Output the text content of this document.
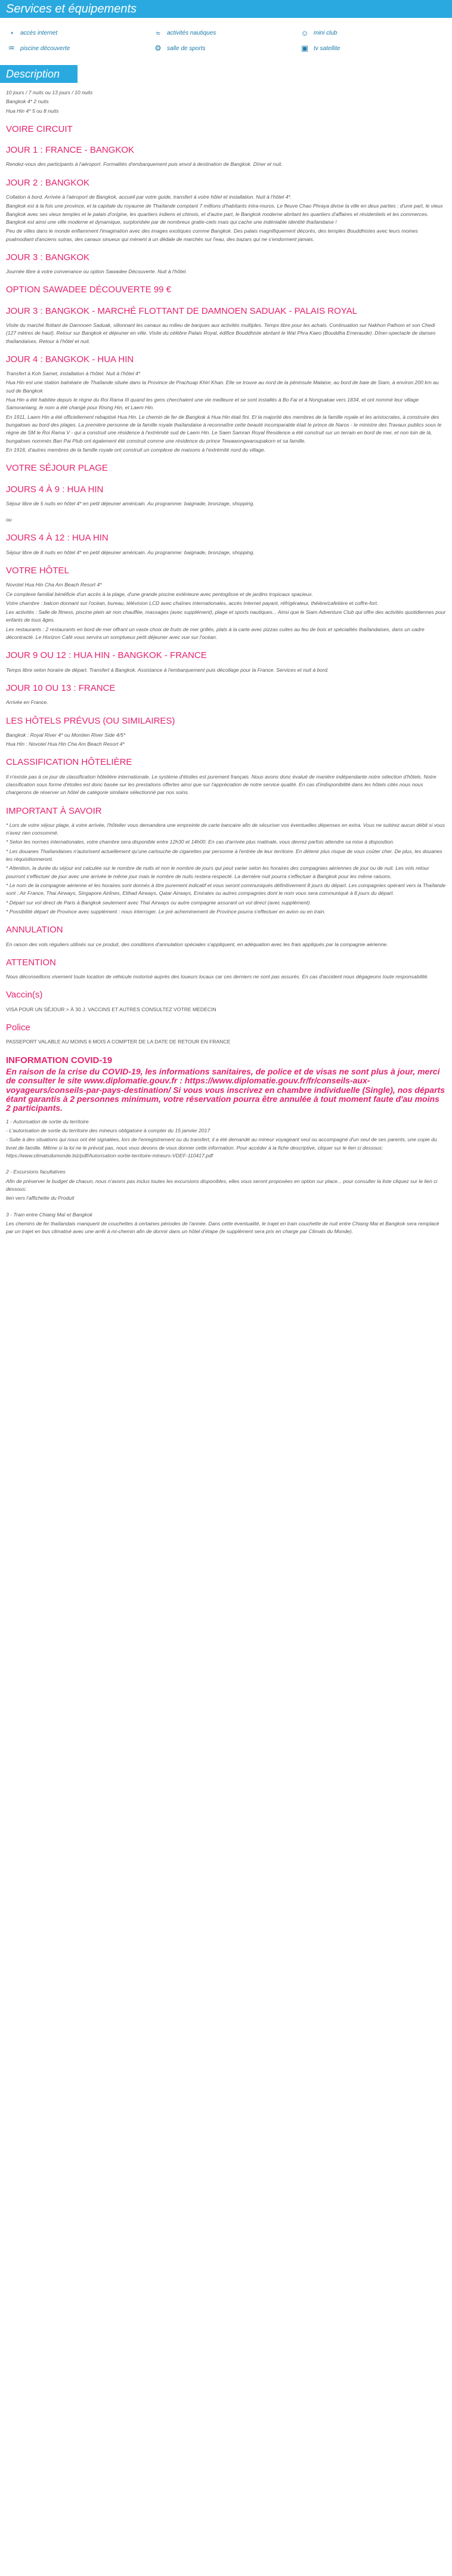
Services et équipements
◔	accès internet	≈	activités nautiques	☺ mini club
♒ piscine découverte	⚙ salle de sports	▣ tv satellite
Description

10 jours / 7 nuits ou 13 jours / 10 nuits

Bangkok 4* 2 nuits

Hua Hin 4* 5 ou 8 nuits

VOIRE CIRCUIT
JOUR 1 : FRANCE - BANGKOK

Rendez-vous des participants à l'aéroport. Formalités d'embarquement puis envol à destination de Bangkok. Dîner et nuit.

JOUR 2 : BANGKOK

Collation à bord. Arrivée à l'aéroport de Bangkok, accueil par votre guide, transfert à votre hôtel et installation. Nuit à l'hôtel 4*.

Bangkok est à la fois une province, et la capitale du royaume de Thaïlande comptant 7 millions d'habitants intra-muros. Le fleuve Chao Phraya divise la ville en deux parties : d'une part, le vieux Bangkok avec ses vieux temples et le palais d'origine, les quartiers indiens et chinois, et d'autre part, le Bangkok moderne abritant les quartiers d'affaires et résidentiels et les commerces. Bangkok est ainsi une ville moderne et dynamique, surplombée par de nombreux gratte-ciels mais qui cache une indéniable identité thaïlandaise !

Peu de villes dans le monde enflamment l'imagination avec des images exotiques comme Bangkok. Des palais magnifiquement décorés, des temples Bouddhistes avec leurs moines psalmodiant d'anciens sutras, des canaux sinueux qui mènent à un dédale de marchés sur l'eau, des bazars qui ne s'endorment jamais.

JOUR 3 : BANGKOK

Journée libre à votre convenance ou option Sawadee Découverte. Nuit à l'hôtel.

OPTION SAWADEE DÉCOUVERTE 99 €
JOUR 3 : BANGKOK - MARCHÉ FLOTTANT DE DAMNOEN SADUAK - PALAIS ROYAL

Visite du marché flottant de Damnoen Saduak, sillonnant les canaux au milieu de barques aux activités multiples. Temps libre pour les achats. Continuation sur Nakhon Pathom et son Chedi (127 mètres de haut). Retour sur Bangkok et déjeuner en ville. Visite du célèbre Palais Royal, édifice Bouddhiste abritant le Wat Phra Kaeo (Bouddha Emeraude). Dîner-spectacle de danses thaïlandaises. Retour à l'hôtel et nuit.

JOUR 4 : BANGKOK - HUA HIN

Transfert à Koh Samet, installation à l'hôtel. Nuit à l'hôtel 4*

Hua Hin est une station balnéaire de Thaïlande située dans la Province de Prachuap Khiri Khan. Elle se trouve au nord de la péninsule Malaise, au bord de baie de Siam, à environ 200 km au sud de Bangkok

Hua Hin a été habitée depuis le règne du Roi Rama III quand les gens cherchaient une vie meilleure et se sont installés à Bo Fai et à Nongsakae vers 1834, et ont nommé leur village Samoraniang, le nom a été changé pour Rising Hin, et Laem Hin.

En 1911, Laem Hin a été officiellement rebaptisé Hua Hin. Le chemin de fer de Bangkok à Hua Hin était fini. Et la majorité des membres de la famille royale et les aristocrates, à construire des bungalows au bord des plages. La première personne de la famille royale thaïlandaise à reconnaître cette beauté incomparable était le prince de Naros - le ministre des Travaux publics sous le règne de SM le Roi Rama V - qui a construit une résidence à l'extrémité sud de Laem Hin. Le Saen Samran Royal Residence a été construit sur un terrain en bord de mer, et non loin de là, bungalows nommés Ban Pai Plub ont également été construit comme une résidence du prince Tewawongwaroupakorn et sa famille.

En 1916, d'autres membres de la famille royale ont construit un complexe de maisons à l'extrémité nord du village.

VOTRE SÉJOUR PLAGE
JOURS 4 À 9 : HUA HIN

Séjour libre de 5 nuits en hôtel 4* en petit déjeuner américain. Au programme: baignade, bronzage, shopping.

ou

JOURS 4 À 12 : HUA HIN

Séjour libre de 8 nuits en hôtel 4* en petit déjeuner américain. Au programme: baignade, bronzage, shopping.

VOTRE HÔTEL

Novotel Hua Hin Cha Am Beach Resort 4*

Ce complexe familial bénéficie d'un accès à la plage, d'une grande piscine extérieure avec pentoglisse et de jardins tropicaux spacieux.

Votre chambre : balcon donnant sur l'océan, bureau, télévision LCD avec chaînes internationales, accès Internet payant, réfrigérateur, théière/cafetière et coffre-fort.

Les activités : Salle de fitness, piscine plein air non chauffée, massages (avec supplément), plage et sports nautiques... Ainsi que le Siam Adventure Club qui offre des activités quotidiennes pour enfants de tous âges.

Les restaurants : 2 restaurants en bord de mer offrant un vaste choix de fruits de mer grillés, plats à la carte avec pizzas cuites au feu de bois et spécialités thaïlandaises, dans un cadre décontracté. Le Horizon Café vous servira un somptueux petit déjeuner avec vue sur l'océan.

JOUR 9 OU 12 : HUA HIN - BANGKOK - FRANCE

Temps libre selon horaire de départ. Transfert à Bangkok. Assistance à l'embarquement puis décollage pour la France. Services et nuit à bord.

JOUR 10 OU 13 : FRANCE

Arrivée en France.

LES HÔTELS PRÉVUS (OU SIMILAIRES)

Bangkok : Royal River 4* ou Montien River Side 4/5*

Hua Hin : Novotel Hua Hin Cha Am Beach Resort 4*

CLASSIFICATION HÔTELIÈRE

Il n'existe pas à ce jour de classification hôtelière internationale. Le système d'étoiles est purement français. Nous avons donc évalué de manière indépendante notre sélection d'hôtels. Notre classification sous forme d'étoiles est donc basée sur les prestations offertes ainsi que sur l'appréciation de notre service qualité. En cas d'indisponibilité dans les hôtels cités nous nous chargerons de réserver un hôtel de catégorie similaire sélectionné par nos soins.

IMPORTANT À SAVOIR

* Lors de votre séjour plage, à votre arrivée, l'hôtelier vous demandera une empreinte de carte bancaire afin de sécuriser vos éventuelles dépenses en extra. Vous ne subirez aucun débit si vous n'avez rien consommé.

* Selon les normes internationales, votre chambre sera disponible entre 12h30 et 14h00. En cas d'arrivée plus matinale, vous devrez parfois attendre sa mise à disposition.

* Les douanes Thaïlandaises n'autorisent actuellement qu'une cartouche de cigarettes par personne à l'entrée de leur territoire. En détenir plus risque de vous coûter cher. De plus, les douanes les réquisitionneront.

* Attention, la durée du séjour est calculée sur le nombre de nuits et non le nombre de jours qui peut varier selon les horaires des compagnies aériennes de jour ou de nuit. Les vols retour pourront s'effectuer de jour avec une arrivée le même jour mais le nombre de nuits restera respecté. La dernière nuit pourra s'effectuer à Bangkok pour les même raisons.

* Le nom de la compagnie aérienne et les horaires sont donnés à titre purement indicatif et vous seront communiqués définitivement 8 jours du départ. Les compagnies opérant vers la Thaïlande sont : Air France, Thai Airways, Singapore Airlines, Etihad Airways, Qatar Airways, Emirates ou autres compagnies dont le nom vous sera communiqué à 8 jours du départ.

* Départ sur vol direct de Paris à Bangkok seulement avec Thaï Airways ou autre compagnie assurant un vol direct (avec supplément).

* Possibilité départ de Province avec supplément : nous interroger. Le pré acheminement de Province pourra s'effectuer en avion ou en train.

ANNULATION

En raison des vols réguliers utilisés sur ce produit, des conditions d'annulation spéciales s'appliquent, en adéquation avec les frais appliqués par la compagnie aérienne.

ATTENTION

Nous déconseillons vivement toute location de véhicule motorisé auprès des loueurs locaux car ces derniers ne sont pas assurés. En cas d'accident nous dégageons toute responsabilité.

Vaccin(s)

VISA POUR UN SÉJOUR > À 30 J. VACCINS ET AUTRES CONSULTEZ VOTRE MEDECIN

Police

PASSEPORT VALABLE AU MOINS 6 MOIS A COMPTER DE LA DATE DE RETOUR EN FRANCE

INFORMATION COVID-19
En raison de la crise du COVID-19, les informations sanitaires, de police et de visas ne sont plus à jour, merci de consulter le site www.diplomatie.gouv.fr : https://www.diplomatie.gouv.fr/fr/conseils-aux-voyageurs/conseils-par-pays-destination/ Si vous vous inscrivez en chambre individuelle (Single), nos départs étant garantis à 2 personnes minimum, votre réservation pourra être annulée à tout moment faute d'au moins 2 participants.

1 - Autorisation de sortie du territoire

- L'autorisation de sortie du territoire des mineurs obligatoire à compter du 15 janvier 2017

- Suite à des situations qui nous ont été signalées, lors de l'enregistrement ou du transfert, il a été demandé au mineur voyageant seul ou accompagné d'un seul de ses parents, une copie du livret de famille. Même si la loi ne le prévoit pas, nous vous devons de vous donner cette information. Pour accéder à la fiche descriptive, cliquer sur le lien ci dessous: https://www.climatsdumonde.biz/pdf/Autorisation-sortie-territoire-mineurs-VDEF-110417.pdf

2 - Excursions facultatives

Afin de préserver le budget de chacun, nous n'avons pas inclus toutes les excursions disponibles, elles vous seront proposées en option sur place... pour consulter la liste cliquez sur le lien ci dessous:

lien vers l'affichette du Produit

3 - Train entre Chiang Maï et Bangkok

Les chemins de fer thaïlandais manquent de couchettes à certaines périodes de l'année. Dans cette éventualité, le trajet en train couchette de nuit entre Chiang Mai et Bangkok sera remplacé par un trajet en bus climatisé avec une arrêt à mi-chemin afin de dormir dans un hôtel d'étape (le supplément sera pris en charge par Climats du Monde).
